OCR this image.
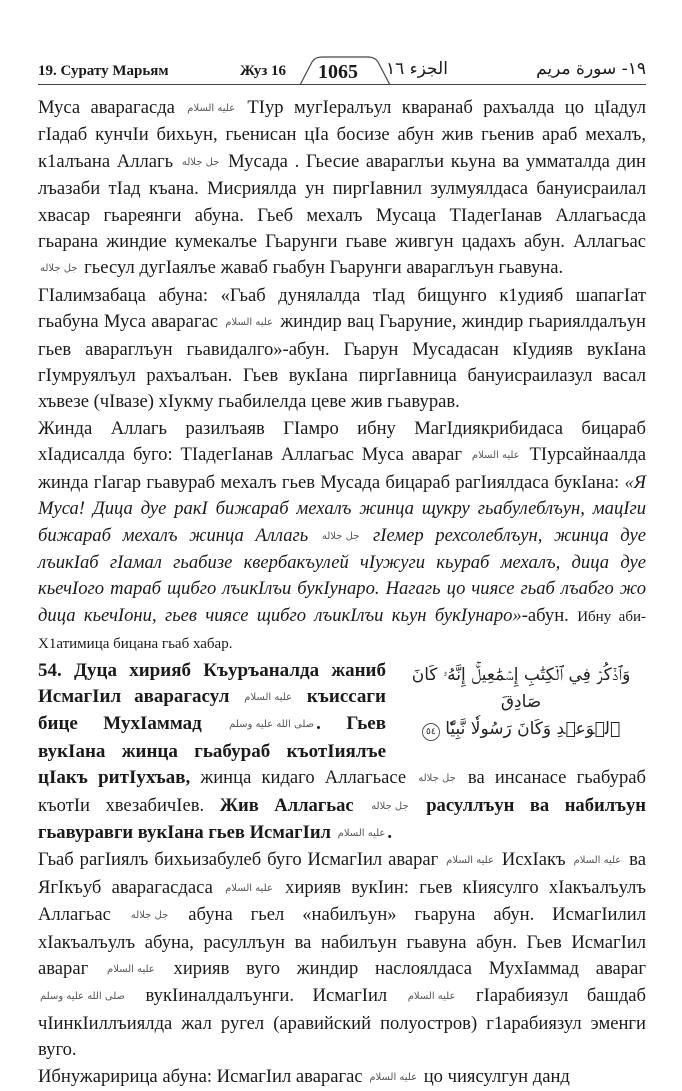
19. Сурату Марьям	Жуз 16 1065 الجزء ١٦	١٩- سورة مريم

Муса аварагасда عليه السلام ТIур мугIералъул кваранаб рахъалда цо цIадул гIадаб кунчIи бихьун, гьенисан цIа босизе абун жив гьенив араб мехалъ, к1алъана Аллагь جل جلاله Мусада . Гьесие авараглъи кьуна ва умматалда дин лъазаби тIад къана. Мисриялда ун пиргIавнил зулмуялдаса бануисраилал хвасар гьареянги абуна. Гьеб мехалъ Мусаца ТIадегIанав Аллагьасда гьарана жиндие кумекалъе Гьарунги гьаве живгун цадахъ абун. Аллагьас جل جلاله гьесул дугIаялъе жаваб гьабун Гьарунги авараглъун гьавуна.

ГIалимзабаца абуна: «Гьаб дунялалда тIад бищунго к1удияб шапагIат гьабуна Муса аварагас عليه السلام жиндир вац Гьаруние, жиндир гьариялдалъун гьев авараглъун гьавидалго»-абун. Гьарун Мусадасан кIудияв вукIана гIумруялъул рахъалъан. Гьев вукIана пиргIавница бануисраилазул васал хъвезе (чIвазе) хIукму гьабилелда цеве жив гьавурав.

Жинда Аллагь разилъаяв ГIамро ибну МагIдиякрибидаса бицараб хIадисалда буго: ТIадегIанав Аллагьас Муса авараг عليه السلام ТIурсайнаалда жинда гIагар гьавураб мехалъ гьев Мусада бицараб рагIиялдаса букIана: «Я Муса! Дица дуе ракI бижараб мехалъ жинца щукру гьабулеблъун, мацIги бижараб мехалъ жинца Аллагь جل جلاله гIемер рехсолеблъун, жинца дуе лъикIаб гIамал гьабизе квербакъулей чIужуги кьураб мехалъ, дица дуе кьечIого тараб щибго лъикIлъи букIунаро. Нагагь цо чиясе гьаб лъабго жо дица кьечIони, гьев чиясе щибго лъикIлъи кьун букIунаро»-абун. Ибну аби-Х1атимица бицана гьаб хабар.

وَٱذۡكُرۡ فِي ٱلۡكِتَٰبِ إِسۡمَٰعِيلَۚ إِنَّهُۥ كَانَ صَادِقَ
ٱلۡوَعۡدِ وَكَانَ رَسُولٗا نَّبِيّٗا ٥٤

54. Дуца хирияб Къуръаналда жаниб ИсмагIил аварагасул عليه السلام къиссаги бице МухIаммад	صلى الله عليه وسلم . Гьев вукIана жинца гьабураб къотIиялъе цIакъ ритIухъав, жинца кидаго Аллагьасе جل جلاله ва инсанасе гьабураб къотIи хвезабичIев. Жив Аллагьас جل جلاله расуллъун ва набилъун гьавуравги вукIана гьев ИсмагIил عليه السلام .

Гьаб рагIиялъ бихьизабулеб буго ИсмагIил авараг عليه السلام ИсхIакъ عليه السلام ва ЯгIкъуб аварагасдаса عليه السلام хирияв вукIин: гьев кIиясулго хIакъалъулъ Аллагьас جل جلاله абуна гьел «набилъун» гьаруна абун. ИсмагIилил хIакъалъулъ абуна, расуллъун ва набилъун гьавуна абун. Гьев ИсмагIил авараг عليه السلام хирияв вуго жиндир наслоялдаса МухIаммад авараг صلى الله عليه وسلم вукIиналдалъунги. ИсмагIил عليه السلام гIарабиязул башдаб чIинкIиллъиялда жал ругел (аравийский полуостров) г1арабиязул эменги вуго.

Ибнужаририца абуна: ИсмагIил аварагас عليه السلام цо чиясулгун данд
